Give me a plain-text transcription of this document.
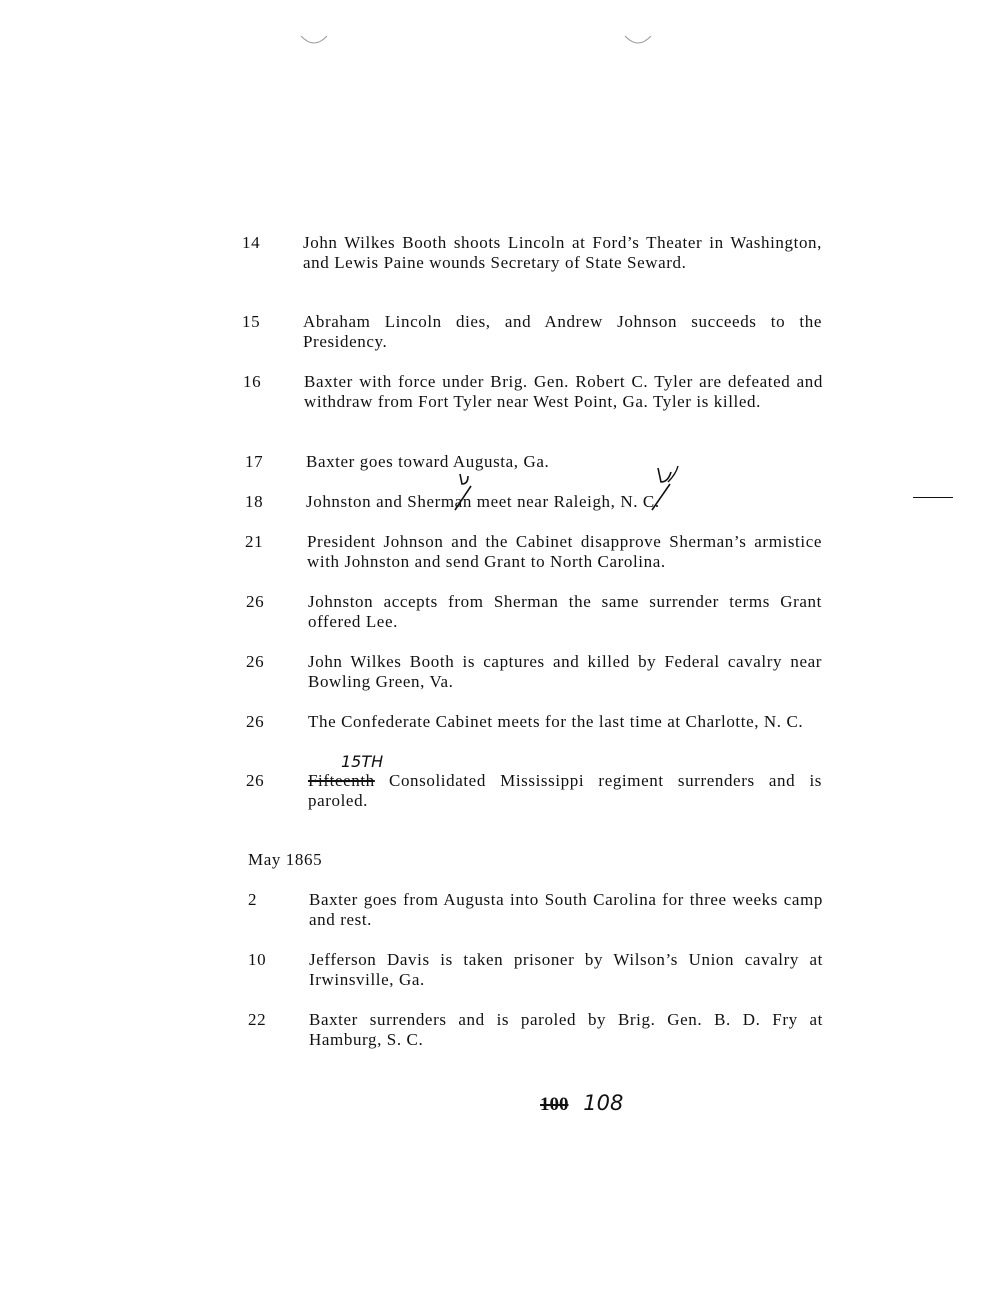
14	John Wilkes Booth shoots Lincoln at Ford’s Theater in Washington, and Lewis Paine wounds Secretary of State Seward.
15	Abraham Lincoln dies, and Andrew Johnson succeeds to the Presidency.
16	Baxter with force under Brig. Gen. Robert C. Tyler are defeated and withdraw from Fort Tyler near West Point, Ga. Tyler is killed.
17	Baxter goes toward Augusta, Ga.
18	Johnston and Sherman meet near Raleigh, N. C.
21	President Johnson and the Cabinet disapprove Sherman’s armistice with Johnston and send Grant to North Carolina.
26	Johnston accepts from Sherman the same surrender terms Grant offered Lee.
26	John Wilkes Booth is captures and killed by Federal cavalry near Bowling Green, Va.
26	The Confederate Cabinet meets for the last time at Charlotte, N. C.
15TH
26	Fifteenth Consolidated Mississippi regiment surrenders and is paroled.
May 1865
2	Baxter goes from Augusta into South Carolina for three weeks camp and rest.
10	Jefferson Davis is taken prisoner by Wilson’s Union cavalry at Irwinsville, Ga.
22	Baxter surrenders and is paroled by Brig. Gen. B. D. Fry at Hamburg, S. C.
100 108
